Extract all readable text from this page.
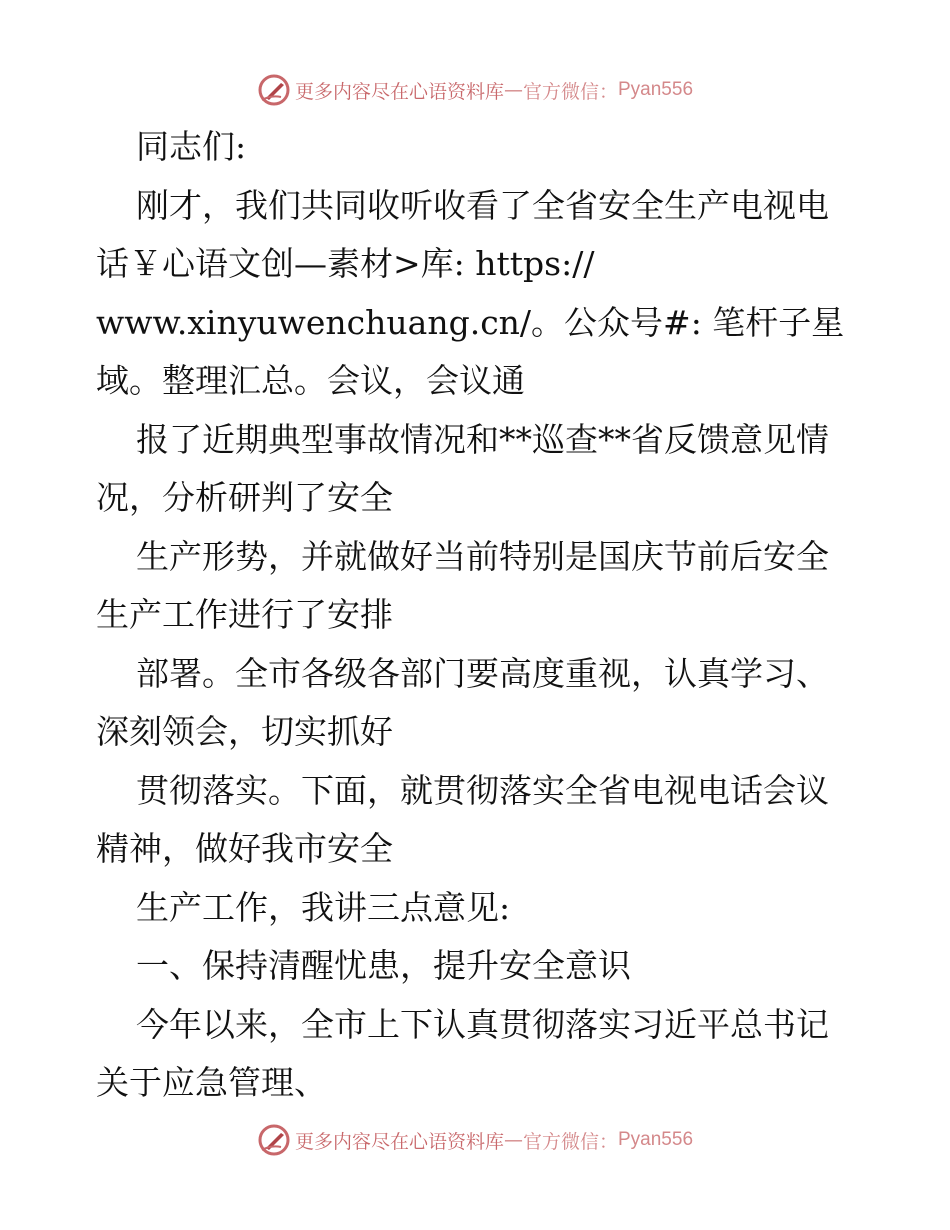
更多内容尽在心语资料库 — 官方微信： Pyan556
同志们:
刚才，我们共同收听收看了全省安全生产电视电
话￥心语文创—素材>库: https://
www.xinyuwenchuang.cn/。公众号#: 笔杆子星
域。整理汇总。会议，会议通
报了近期典型事故情况和**巡查**省反馈意见情
况，分析研判了安全
生产形势，并就做好当前特别是国庆节前后安全
生产工作进行了安排
部署。全市各级各部门要高度重视，认真学习、
深刻领会，切实抓好
贯彻落实。下面，就贯彻落实全省电视电话会议
精神，做好我市安全
生产工作，我讲三点意见:
一、保持清醒忧患，提升安全意识
今年以来，全市上下认真贯彻落实习近平总书记
关于应急管理、
更多内容尽在心语资料库 — 官方微信： Pyan556
